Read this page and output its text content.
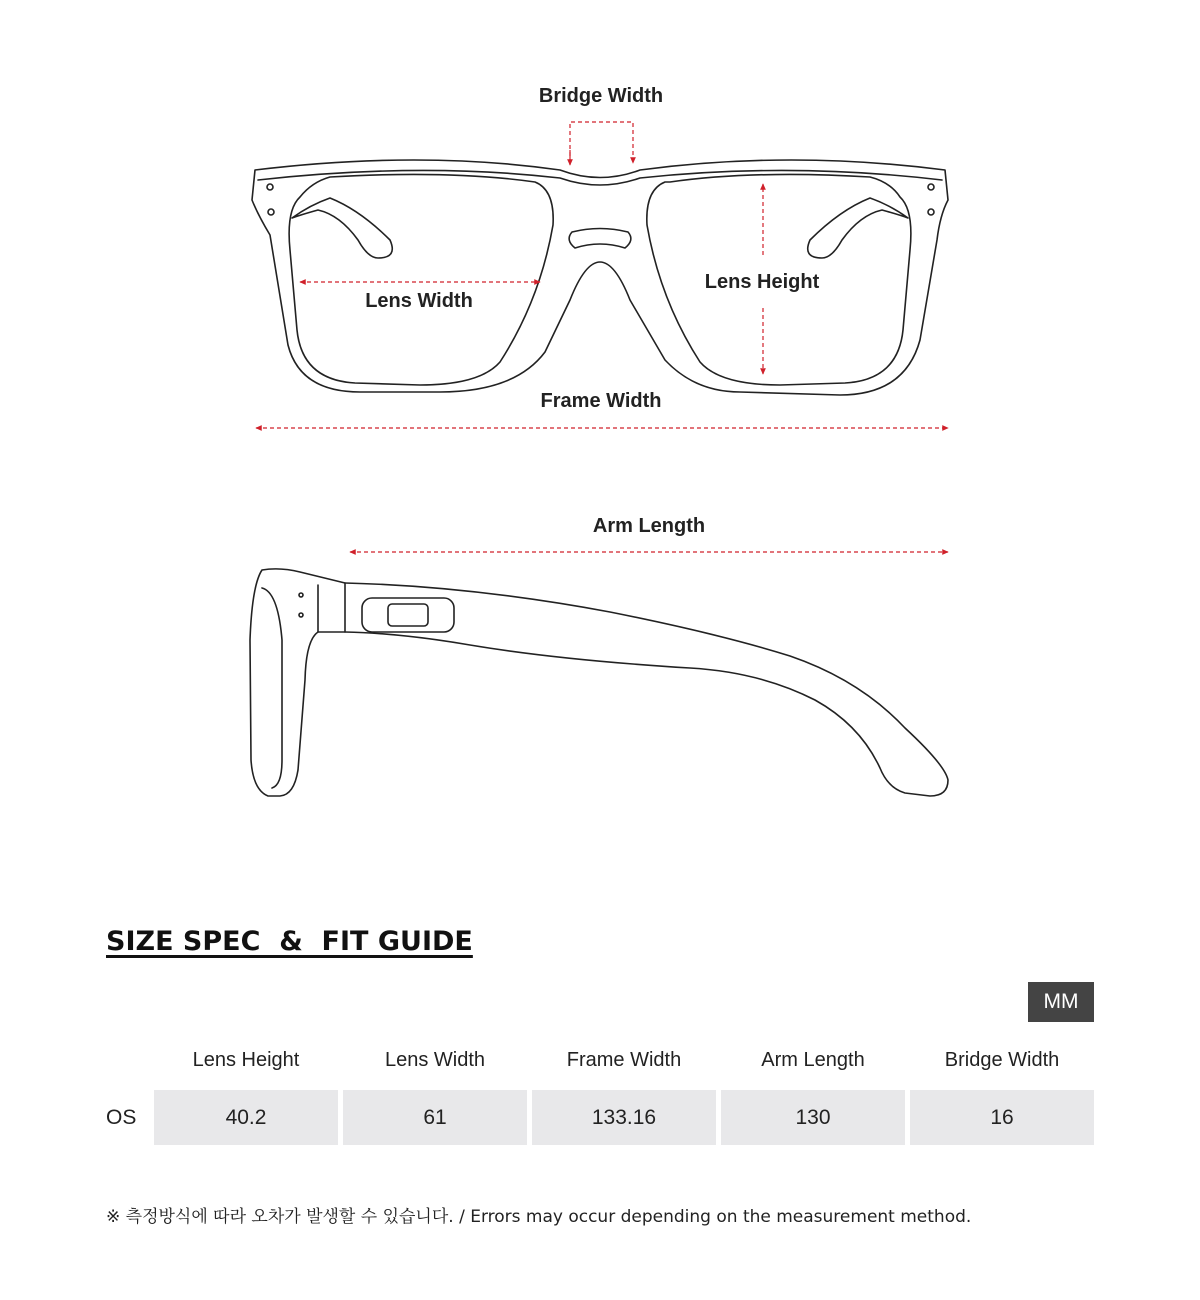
Bridge Width
Lens Width
Lens Height
Frame Width
Arm Length
SIZE SPEC  &  FIT GUIDE
MM
Lens Height	Lens Width	Frame Width	Arm Length	Bridge Width
OS	40.2	61	133.16	130	16
※ 측정방식에 따라 오차가 발생할 수 있습니다. / Errors may occur depending on the measurement method.
